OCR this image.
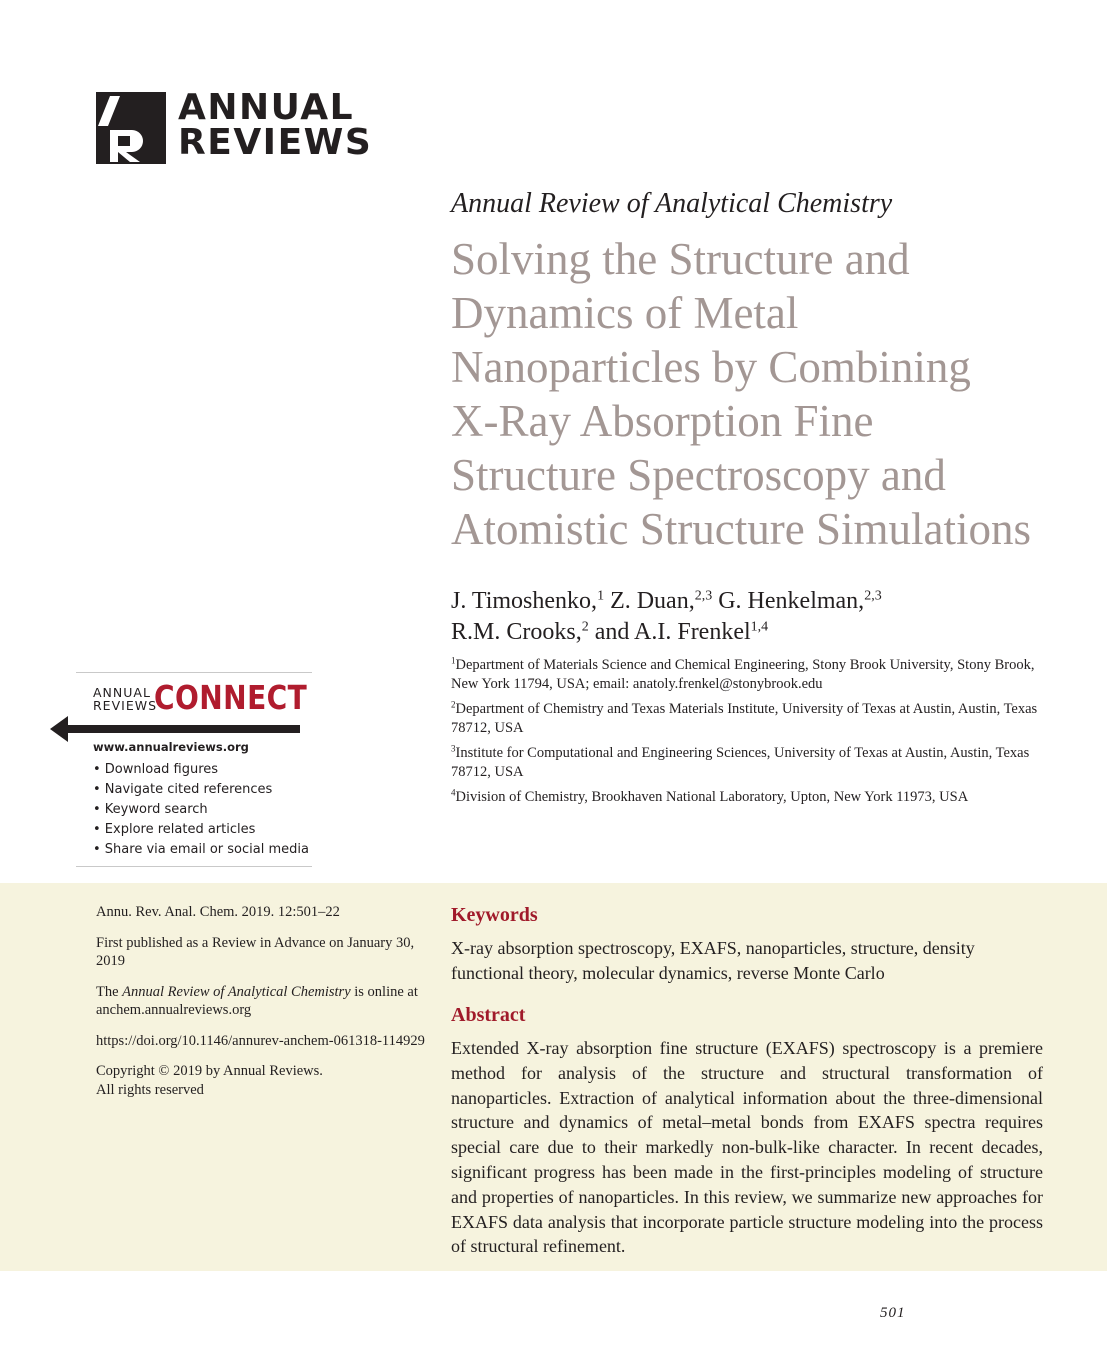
ANNUAL
REVIEWS
Annual Review of Analytical Chemistry
Solving the Structure and
Dynamics of Metal
Nanoparticles by Combining
X-Ray Absorption Fine
Structure Spectroscopy and
Atomistic Structure Simulations
J. Timoshenko,$^1$ Z. Duan,$^{2,3}$ G. Henkelman,$^{2,3}$
R.M. Crooks,$^2$ and A.I. Frenkel$^{1,4}$
$^1$Department of Materials Science and Chemical Engineering, Stony Brook University, Stony Brook, New York 11794, USA; email: anatoly.frenkel@stonybrook.edu
$^2$Department of Chemistry and Texas Materials Institute, University of Texas at Austin, Austin, Texas 78712, USA
$^3$Institute for Computational and Engineering Sciences, University of Texas at Austin, Austin, Texas 78712, USA
$^4$Division of Chemistry, Brookhaven National Laboratory, Upton, New York 11973, USA
ANNUAL
REVIEWS
CONNECT
www.annualreviews.org
• Download figures
• Navigate cited references
• Keyword search
• Explore related articles
• Share via email or social media

Annu. Rev. Anal. Chem. 2019. 12:501–22

First published as a Review in Advance on January 30, 2019

The Annual Review of Analytical Chemistry is online at anchem.annualreviews.org

https://doi.org/10.1146/annurev-anchem-061318-114929

Copyright © 2019 by Annual Reviews.
All rights reserved

Keywords
X-ray absorption spectroscopy, EXAFS, nanoparticles, structure, density functional theory, molecular dynamics, reverse Monte Carlo
Abstract
Extended X-ray absorption fine structure (EXAFS) spectroscopy is a premiere method for analysis of the structure and structural transformation of nanoparticles. Extraction of analytical information about the three-dimensional structure and dynamics of metal–metal bonds from EXAFS spectra requires special care due to their markedly non-bulk-like character. In recent decades, significant progress has been made in the first-principles modeling of structure and properties of nanoparticles. In this review, we summarize new approaches for EXAFS data analysis that incorporate particle structure modeling into the process of structural refinement.
501
